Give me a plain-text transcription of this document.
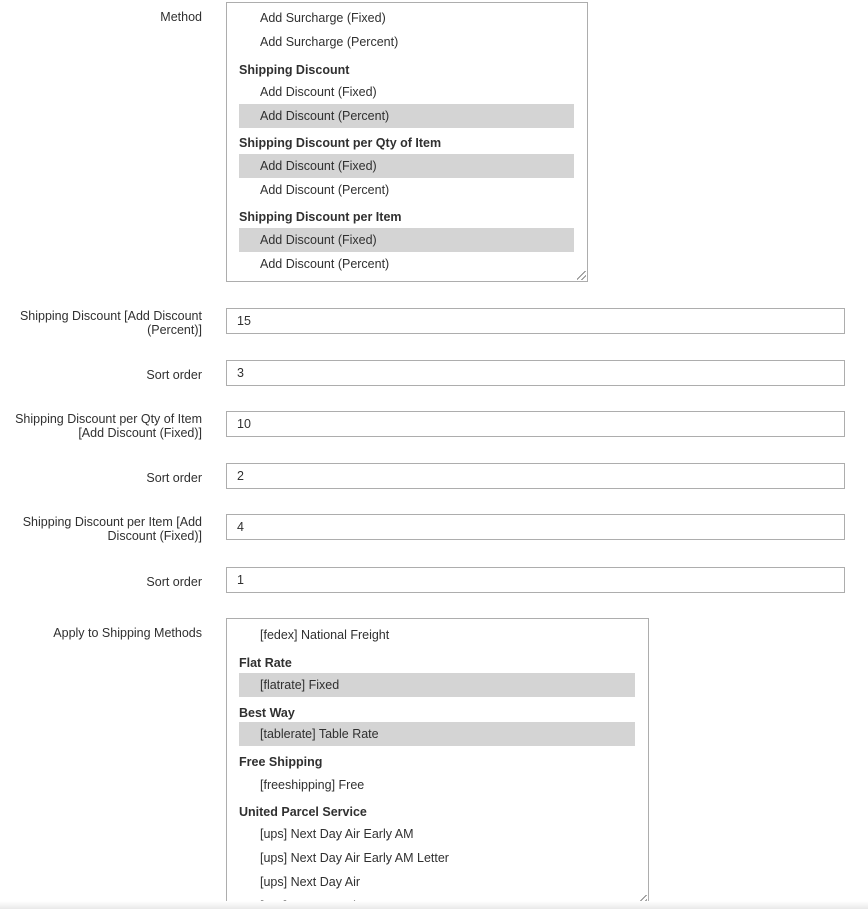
Method	Add Surcharge (Fixed)
Add Surcharge (Percent)
Shipping Discount
Add Discount (Fixed)
Add Discount (Percent)
Shipping Discount per Qty of Item
Add Discount (Fixed)
Add Discount (Percent)
Shipping Discount per Item
Add Discount (Fixed)
Add Discount (Percent)
Shipping Discount [Add Discount
(Percent)]
15
Sort order
3
Shipping Discount per Qty of Item
[Add Discount (Fixed)]
10
Sort order
2
Shipping Discount per Item [Add
Discount (Fixed)]
4
Sort order
1
Apply to Shipping Methods	[fedex] National Freight
Flat Rate
[flatrate] Fixed
Best Way
[tablerate] Table Rate
Free Shipping
[freeshipping] Free
United Parcel Service
[ups] Next Day Air Early AM
[ups] Next Day Air Early AM Letter
[ups] Next Day Air
